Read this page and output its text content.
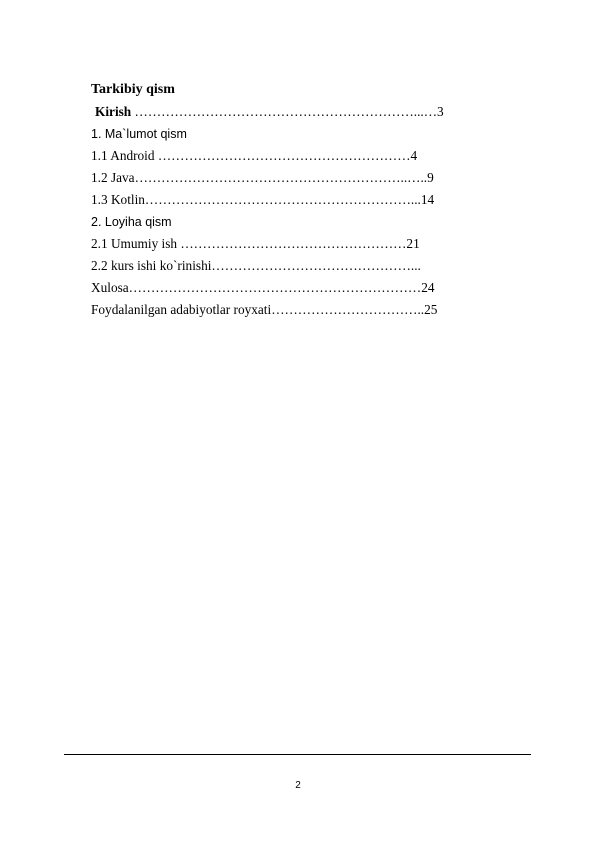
Tarkibiy qism
Kirish ………………………………………………………...…3
1. Ma`lumot qism
1.1 Android …………………………………………………4
1.2 Java……………………………………………………..…..9
1.3 Kotlin……………………………………………………...14
2. Loyiha qism
2.1 Umumiy ish ……………………………………………21
2.2 kurs ishi ko`rinishi………………………………………...
Xulosa…………………………………………………………24
Foydalanilgan adabiyotlar royxati……………………………..25
2
